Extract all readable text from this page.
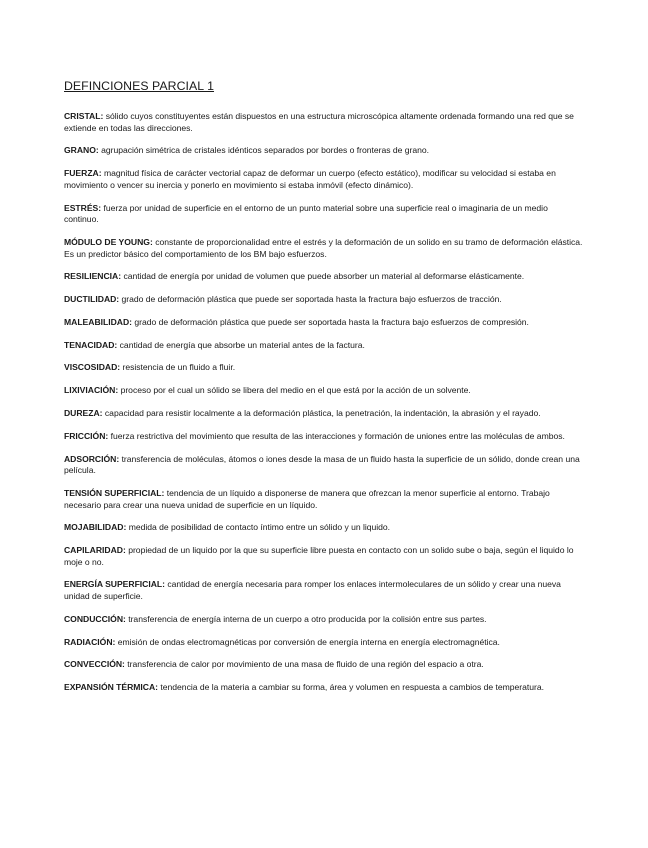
DEFINCIONES PARCIAL 1

CRISTAL: sólido cuyos constituyentes están dispuestos en una estructura microscópica altamente ordenada formando una red que se extiende en todas las direcciones.

GRANO: agrupación simétrica de cristales idénticos separados por bordes o fronteras de grano.

FUERZA: magnitud física de carácter vectorial capaz de deformar un cuerpo (efecto estático), modificar su velocidad si estaba en movimiento o vencer su inercia y ponerlo en movimiento si estaba inmóvil (efecto dinámico).

ESTRÉS: fuerza por unidad de superficie en el entorno de un punto material sobre una superficie real o imaginaria de un medio continuo.

MÓDULO DE YOUNG: constante de proporcionalidad entre el estrés y la deformación de un solido en su tramo de deformación elástica. Es un predictor básico del comportamiento de los BM bajo esfuerzos.

RESILIENCIA: cantidad de energía por unidad de volumen que puede absorber un material al deformarse elásticamente.

DUCTILIDAD: grado de deformación plástica que puede ser soportada hasta la fractura bajo esfuerzos de tracción.

MALEABILIDAD: grado de deformación plástica que puede ser soportada hasta la fractura bajo esfuerzos de compresión.

TENACIDAD: cantidad de energía que absorbe un material antes de la factura.

VISCOSIDAD: resistencia de un fluido a fluir.

LIXIVIACIÓN: proceso por el cual un sólido se libera del medio en el que está por la acción de un solvente.

DUREZA: capacidad para resistir localmente a la deformación plástica, la penetración, la indentación, la abrasión y el rayado.

FRICCIÓN: fuerza restrictiva del movimiento que resulta de las interacciones y formación de uniones entre las moléculas de ambos.

ADSORCIÓN: transferencia de moléculas, átomos o iones desde la masa de un fluido hasta la superficie de un sólido, donde crean una película.

TENSIÓN SUPERFICIAL: tendencia de un líquido a disponerse de manera que ofrezcan la menor superficie al entorno. Trabajo necesario para crear una nueva unidad de superficie en un líquido.

MOJABILIDAD: medida de posibilidad de contacto íntimo entre un sólido y un liquido.

CAPILARIDAD: propiedad de un liquido por la que su superficie libre puesta en contacto con un solido sube o baja, según el liquido lo moje o no.

ENERGÍA SUPERFICIAL: cantidad de energía necesaria para romper los enlaces intermoleculares de un sólido y crear una nueva unidad de superficie.

CONDUCCIÓN: transferencia de energía interna de un cuerpo a otro producida por la colisión entre sus partes.

RADIACIÓN: emisión de ondas electromagnéticas por conversión de energía interna en energía electromagnética.

CONVECCIÓN: transferencia de calor por movimiento de una masa de fluido de una región del espacio a otra.

EXPANSIÓN TÉRMICA: tendencia de la materia a cambiar su forma, área y volumen en respuesta a cambios de temperatura.
